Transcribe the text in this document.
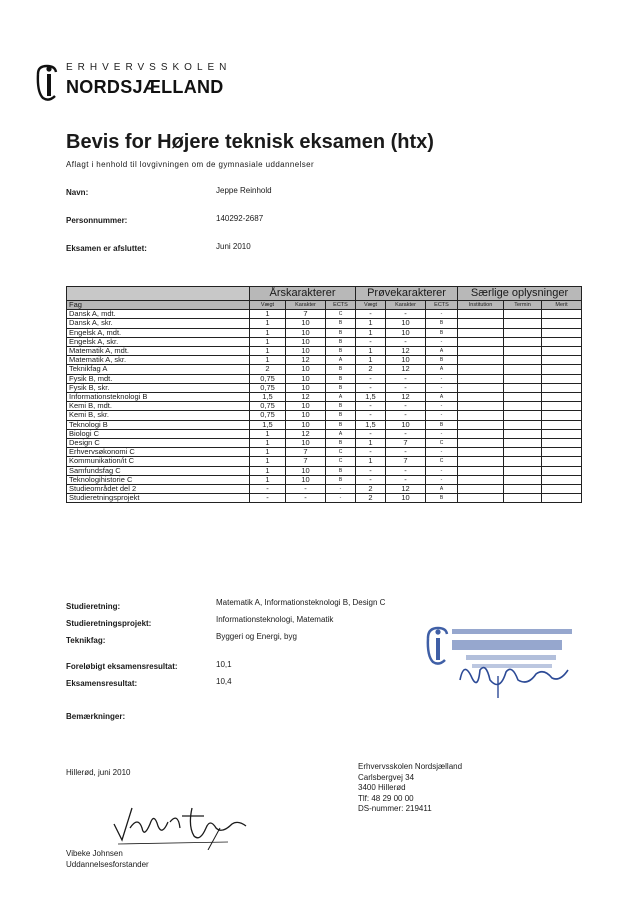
ERHVERVSSKOLEN
NORDSJÆLLAND
Bevis for Højere teknisk eksamen (htx)
Aflagt i henhold til lovgivningen om de gymnasiale uddannelser
Navn:	Jeppe Reinhold
Personnummer:	140292-2687
Eksamen er afsluttet:	Juni 2010
	Årskarakterer			Prøvekarakterer			Særlige oplysninger		
Fag	Vægt	Karakter	ECTS	Vægt	Karakter	ECTS	Institution	Termin	Merit
Dansk A, mdt.	1	7	C	-	-	-			
Dansk A, skr.	1	10	B	1	10	B			
Engelsk A, mdt.	1	10	B	1	10	B			
Engelsk A, skr.	1	10	B	-	-	-			
Matematik A, mdt.	1	10	B	1	12	A			
Matematik A, skr.	1	12	A	1	10	B			
Teknikfag A	2	10	B	2	12	A			
Fysik B, mdt.	0,75	10	B	-	-	-			
Fysik B, skr.	0,75	10	B	-	-	-			
Informationsteknologi B	1,5	12	A	1,5	12	A			
Kemi B, mdt.	0,75	10	B	-	-	-			
Kemi B, skr.	0,75	10	B	-	-	-			
Teknologi B	1,5	10	B	1,5	10	B			
Biologi C	1	12	A	-	-	-			
Design C	1	10	B	1	7	C			
Erhvervsøkonomi C	1	7	C	-	-	-			
Kommunikation/it C	1	7	C	1	7	C			
Samfundsfag C	1	10	B	-	-	-			
Teknologihistorie C	1	10	B	-	-	-			
Studieområdet del 2	-	-	-	2	12	A			
Studieretningsprojekt	-	-	-	2	10	B			
Studieretning:	Matematik A, Informationsteknologi B, Design C
Studieretningsprojekt:	Informationsteknologi, Matematik
Teknikfag:	Byggeri og Energi, byg
Foreløbigt eksamensresultat:	10,1
Eksamensresultat:	10,4
Bemærkninger:
Hillerød, juni 2010
Vibeke Johnsen
Uddannelsesforstander
Erhvervsskolen Nordsjælland
Carlsbergvej 34
3400 Hillerød
Tlf: 48 29 00 00
DS-nummer: 219411
